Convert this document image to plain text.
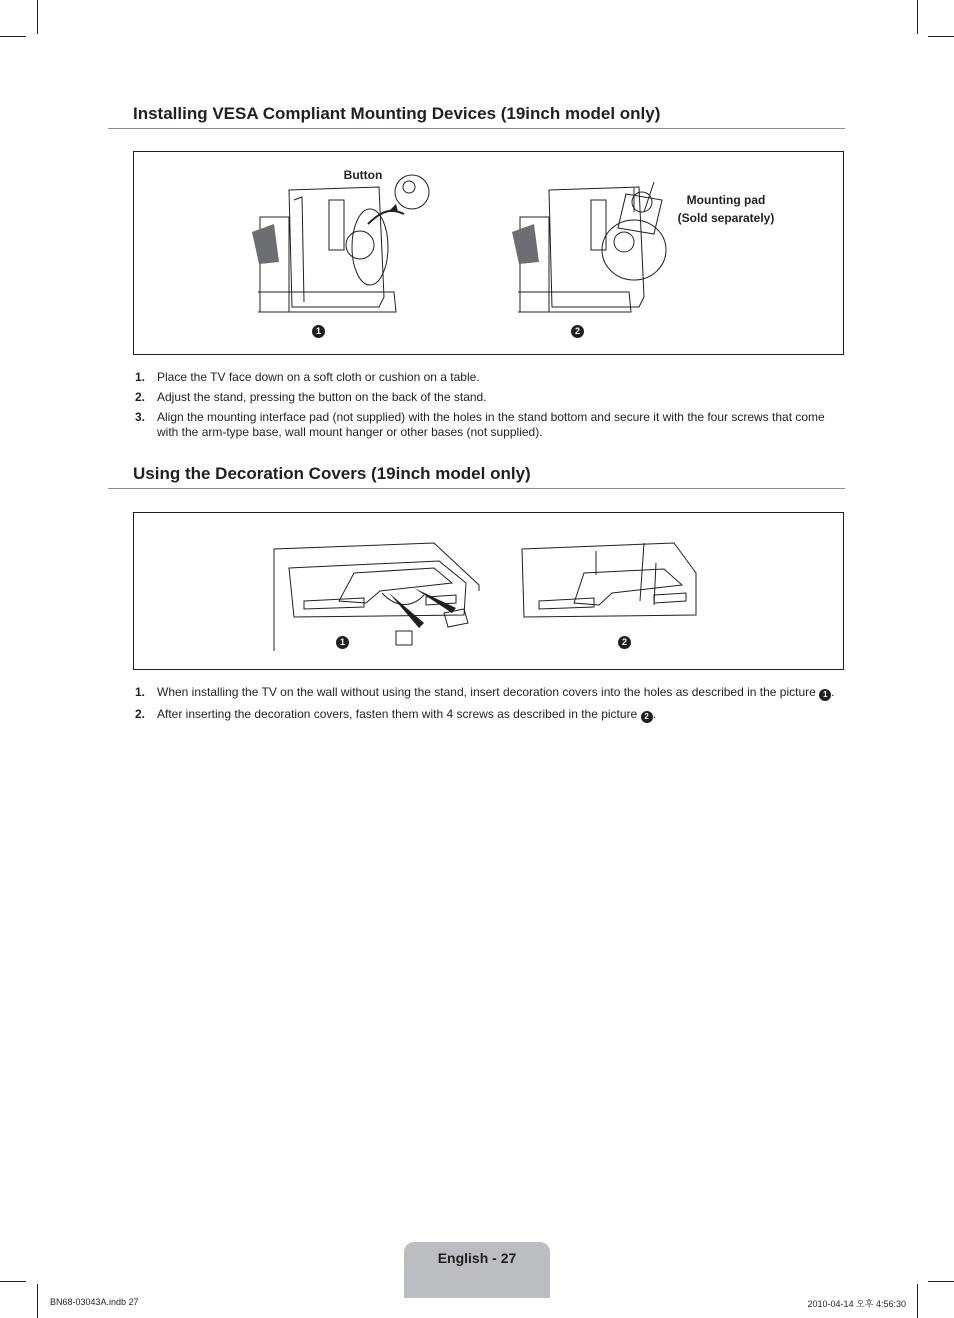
Installing VESA Compliant Mounting Devices (19inch model only)
Button
Mounting pad
(Sold separately)
1	2
1. Place the TV face down on a soft cloth or cushion on a table.
2. Adjust the stand, pressing the button on the back of the stand.
3. Align the mounting interface pad (not supplied) with the holes in the stand bottom and secure it with the four screws that come with the arm-type base, wall mount hanger or other bases (not supplied).
Using the Decoration Covers (19inch model only)
1	2
1. When installing the TV on the wall without using the stand, insert decoration covers into the holes as described in the picture 1 .
2. After inserting the decoration covers, fasten them with 4 screws as described in the picture 2 .
English - 27
BN68-03043A.indb 27	2010-04-14 오후 4:56:30
